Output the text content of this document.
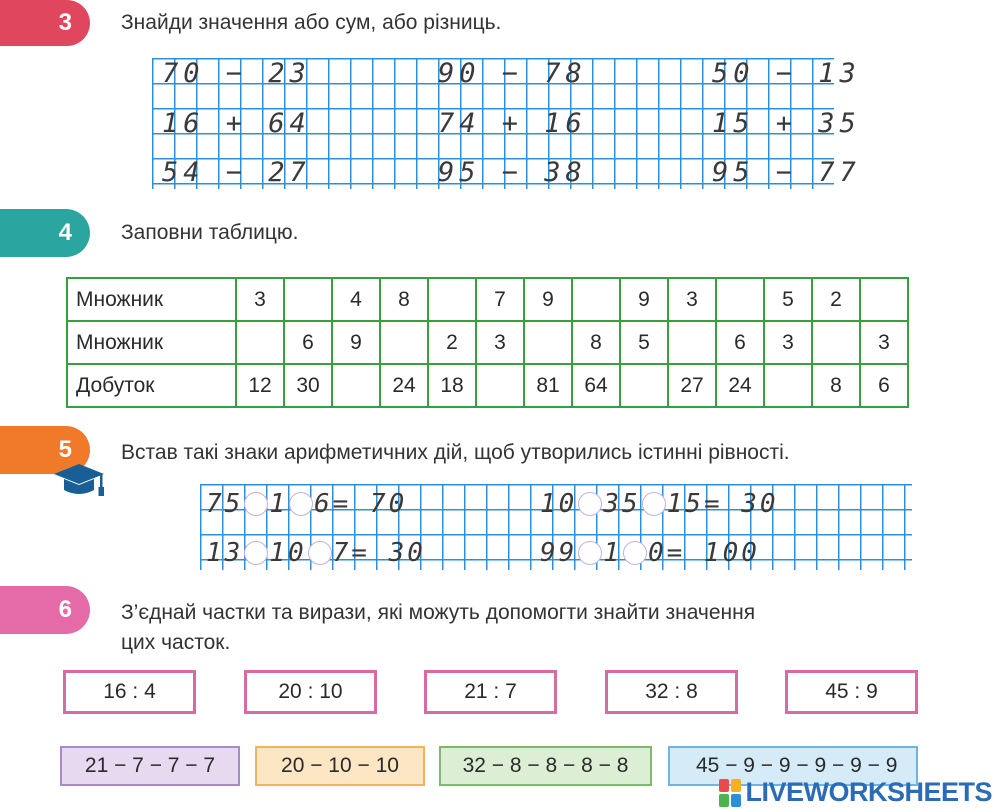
3 Знайди значення або сум, або різниць.
70 − 23	90 − 78	50 − 13
16 + 64	74 + 16	15 + 35
54 − 27	95 − 38	95 − 77
4 Заповни таблицю.
Множник	3		4	8		7	9		9	3		5	2	
Множник		6	9		2	3		8	5		6	3		3
Добуток	12	30		24	18		81	64		27	24		8	6
5 Встав такі знаки арифметичних дій, щоб утворились істинні рівності.
75 1 6 = 70	10 35 15 = 30
13 10 7 = 30	99 1 0 = 100
6 З’єднай частки та вирази, які можуть допомогти знайти значення
цих часток.
16 : 4	20 : 10	21 : 7	32 : 8	45 : 9
21 − 7 − 7 − 7	20 − 10 − 10	32 − 8 − 8 − 8 − 8	45 − 9 − 9 − 9 − 9 − 9
LIVEWORKSHEETS
